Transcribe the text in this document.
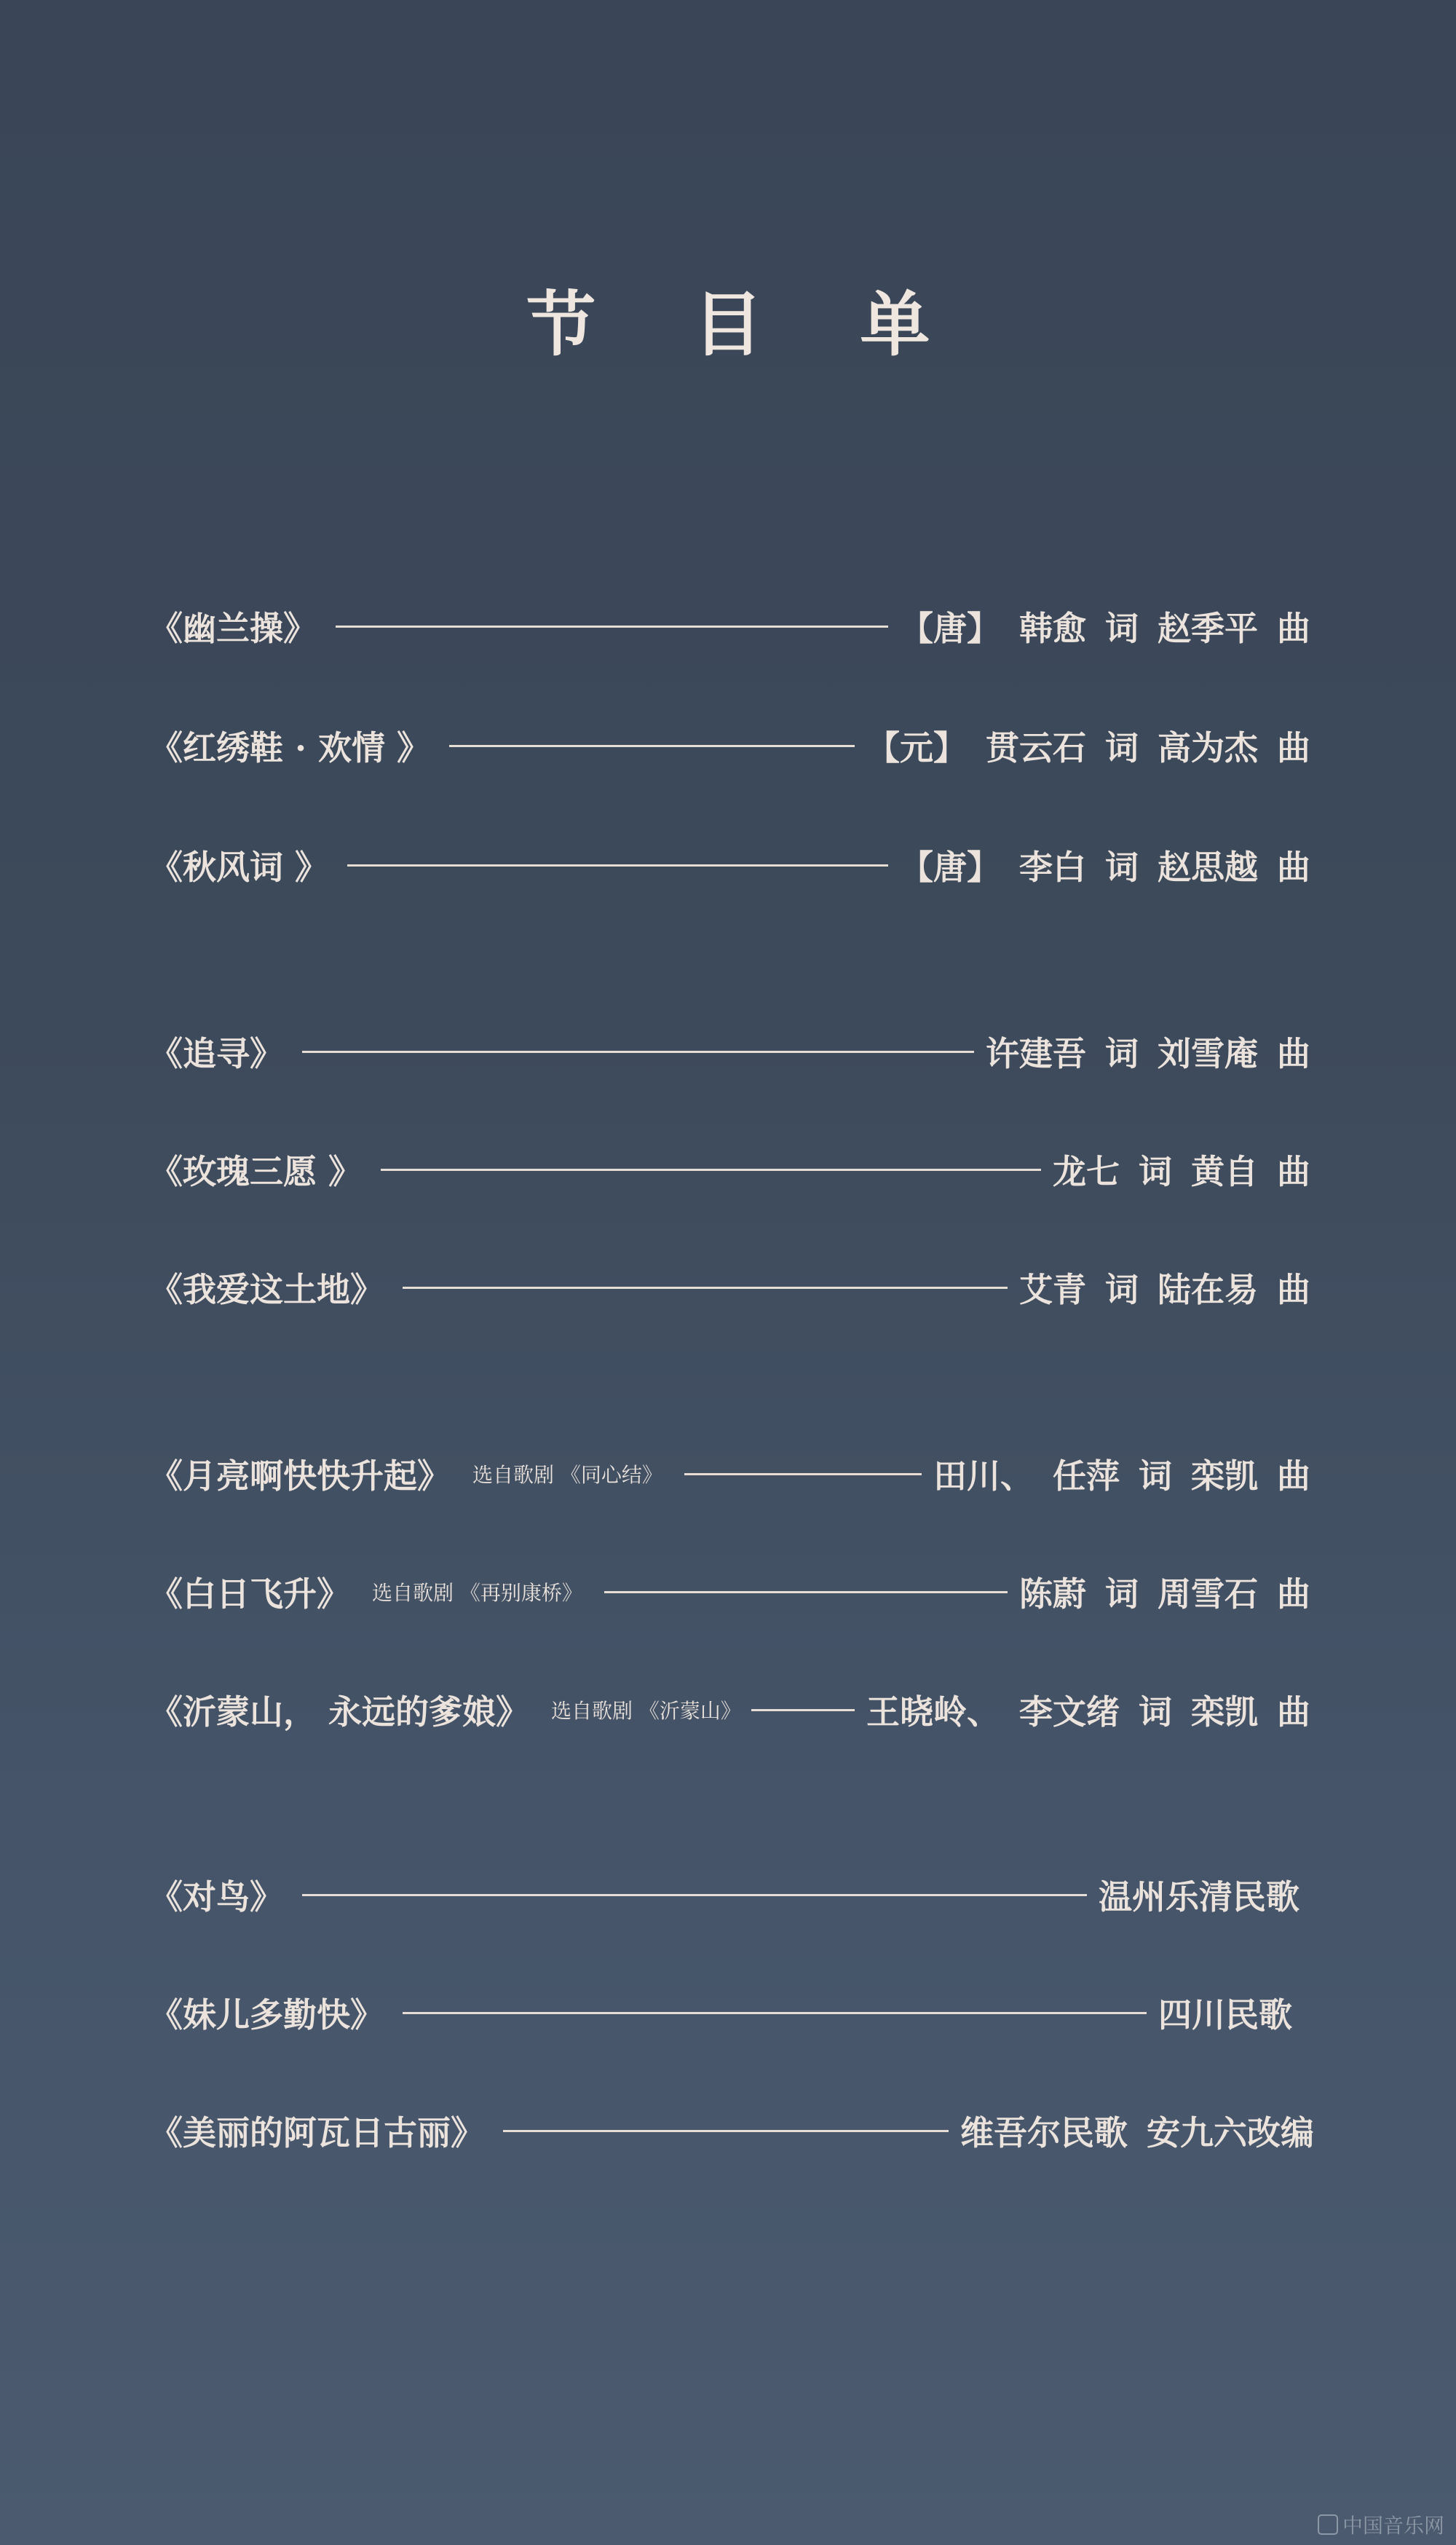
节 目 单
《幽兰操》	【唐】 韩愈 词 赵季平 曲
《红绣鞋 · 欢情 》	【元】 贯云石 词 高为杰 曲
《秋风词 》	【唐】 李白 词 赵思越 曲
《追寻》	许建吾 词 刘雪庵 曲
《玫瑰三愿 》	龙七 词 黄自 曲
《我爱这土地》	艾青 词 陆在易 曲
《月亮啊快快升起》 选自歌剧 《同心结》	田川、 任萍 词 栾凯 曲
《白日飞升》 选自歌剧 《再别康桥》	陈蔚 词 周雪石 曲
《沂蒙山， 永远的爹娘》 选自歌剧 《沂蒙山》	王晓岭、 李文绪 词 栾凯 曲
《对鸟》	温州乐清民歌
《妹儿多勤快》	四川民歌
《美丽的阿瓦日古丽》	维吾尔民歌 安九六改编
中国音乐网
